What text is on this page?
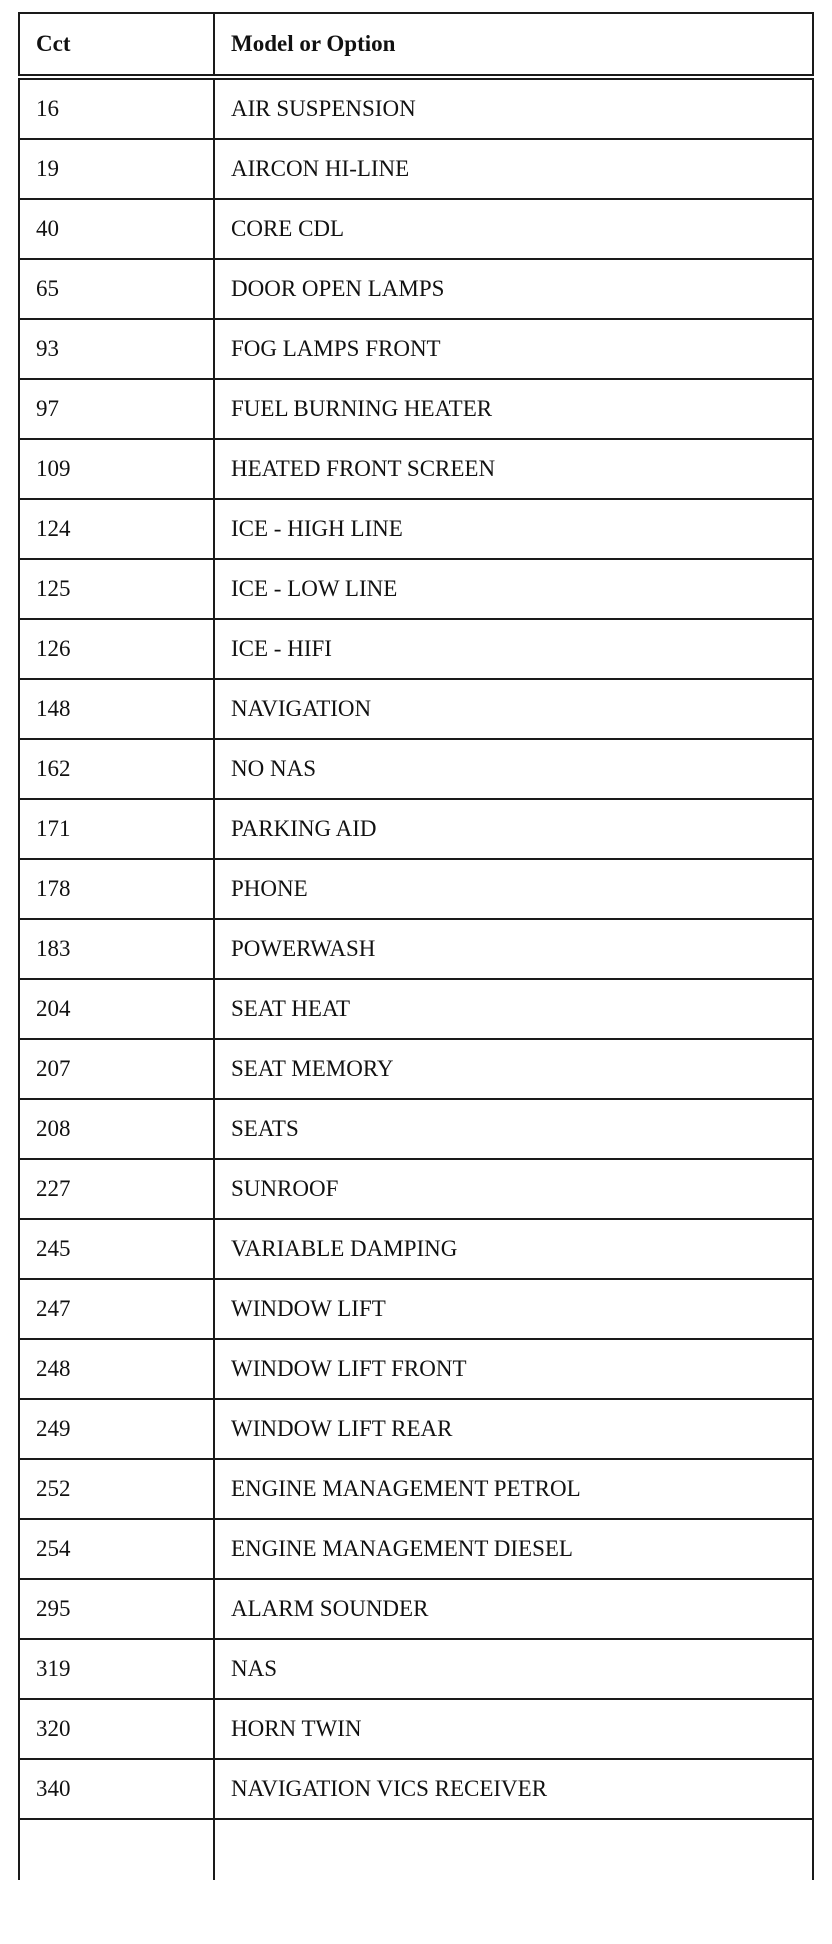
Cct	Model or Option
16	AIR SUSPENSION
19	AIRCON HI-LINE
40	CORE CDL
65	DOOR OPEN LAMPS
93	FOG LAMPS FRONT
97	FUEL BURNING HEATER
109	HEATED FRONT SCREEN
124	ICE - HIGH LINE
125	ICE - LOW LINE
126	ICE - HIFI
148	NAVIGATION
162	NO NAS
171	PARKING AID
178	PHONE
183	POWERWASH
204	SEAT HEAT
207	SEAT MEMORY
208	SEATS
227	SUNROOF
245	VARIABLE DAMPING
247	WINDOW LIFT
248	WINDOW LIFT FRONT
249	WINDOW LIFT REAR
252	ENGINE MANAGEMENT PETROL
254	ENGINE MANAGEMENT DIESEL
295	ALARM SOUNDER
319	NAS
320	HORN TWIN
340	NAVIGATION VICS RECEIVER
